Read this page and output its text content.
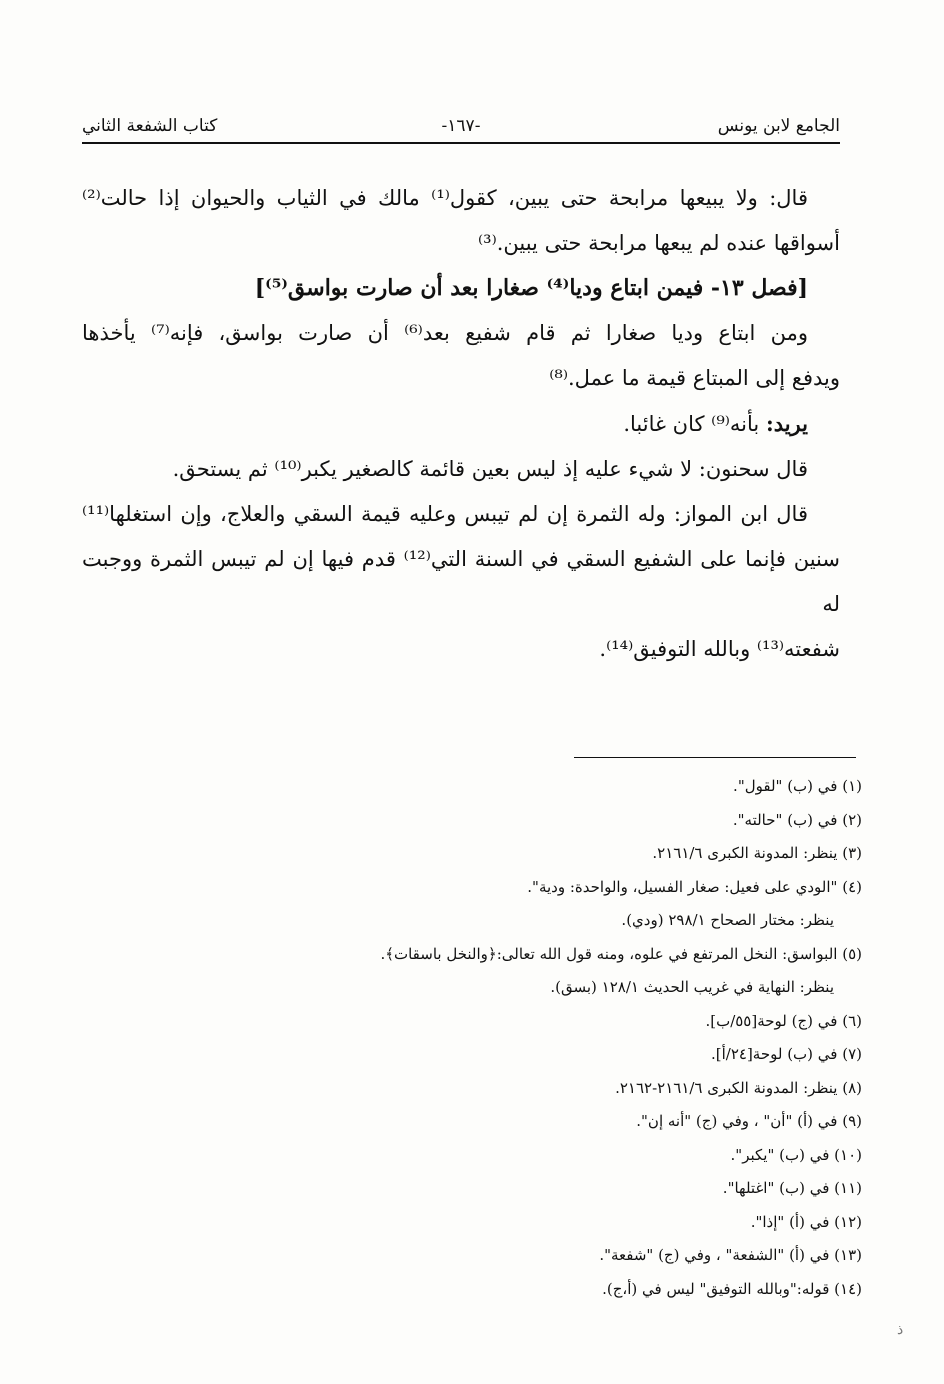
الجامع لابن يونس
-١٦٧-
كتاب الشفعة الثاني

قال: ولا يبيعها مرابحة حتى يبين، كقول⁽¹⁾ مالك في الثياب والحيوان إذا حالت⁽²⁾

أسواقها عنده لم يبعها مرابحة حتى يبين.⁽³⁾

[فصل ١٣- فيمن ابتاع وديا⁽⁴⁾ صغارا بعد أن صارت بواسق⁽⁵⁾]

ومن ابتاع وديا صغارا ثم قام شفيع بعد⁽⁶⁾ أن صارت بواسق، فإنه⁽⁷⁾ يأخذها

ويدفع إلى المبتاع قيمة ما عمل.⁽⁸⁾

يريد: بأنه⁽⁹⁾ كان غائبا.

قال سحنون: لا شيء عليه إذ ليس بعين قائمة كالصغير يكبر⁽¹⁰⁾ ثم يستحق.

قال ابن المواز: وله الثمرة إن لم تيبس وعليه قيمة السقي والعلاج، وإن استغلها⁽¹¹⁾

سنين فإنما على الشفيع السقي في السنة التي⁽¹²⁾ قدم فيها إن لم تيبس الثمرة ووجبت له

شفعته⁽¹³⁾ وبالله التوفيق⁽¹⁴⁾.

(١) في (ب) "لقول".

(٢) في (ب) "حالته".

(٣) ينظر: المدونة الكبرى ٢١٦١/٦.

(٤) "الودي على فعيل: صغار الفسيل، والواحدة: ودية".

ينظر: مختار الصحاح ٢٩٨/١ (ودي).

(٥) البواسق: النخل المرتفع في علوه، ومنه قول الله تعالى:﴿والنخل باسقات﴾.

ينظر: النهاية في غريب الحديث ١٢٨/١ (بسق).

(٦) في (ج) لوحة[٥٥/ب].

(٧) في (ب) لوحة[٢٤/أ].

(٨) ينظر: المدونة الكبرى ٢١٦١/٦-٢١٦٢.

(٩) في (أ) "أن" ، وفي (ج) "أنه إن".

(١٠) في (ب) "يكبر".

(١١) في (ب) "اغتلها".

(١٢) في (أ) "إذا".

(١٣) في (أ) "الشفعة" ، وفي (ج) "شفعة".

(١٤) قوله:"وبالله التوفيق" ليس في (أ،ج).

ذ
